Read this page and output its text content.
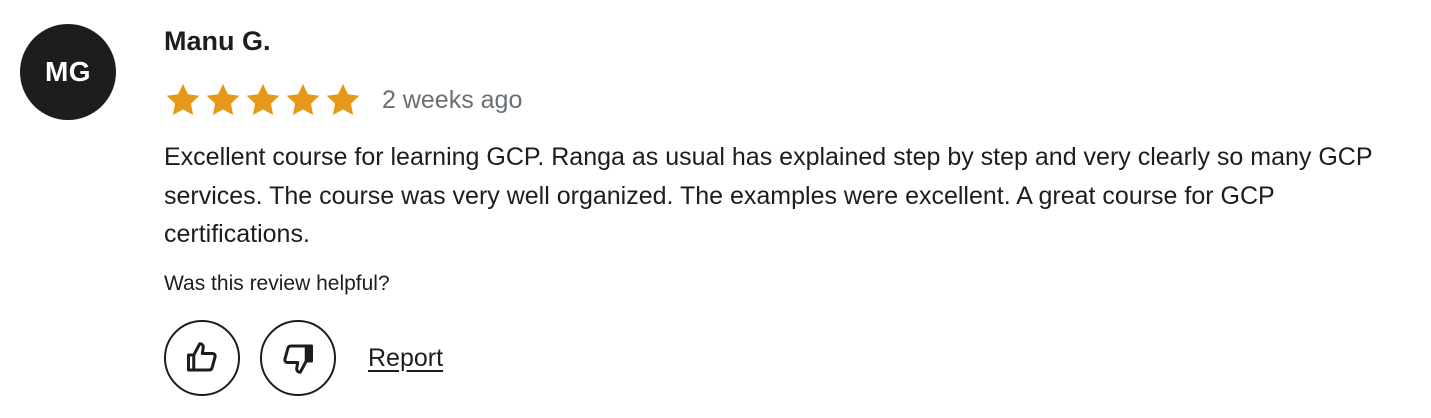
MG
Manu G.
2 weeks ago

Excellent course for learning GCP. Ranga as usual has explained step by step and very clearly so many GCP services. The course was very well organized. The examples were excellent. A great course for GCP certifications.

Was this review helpful?
Report
